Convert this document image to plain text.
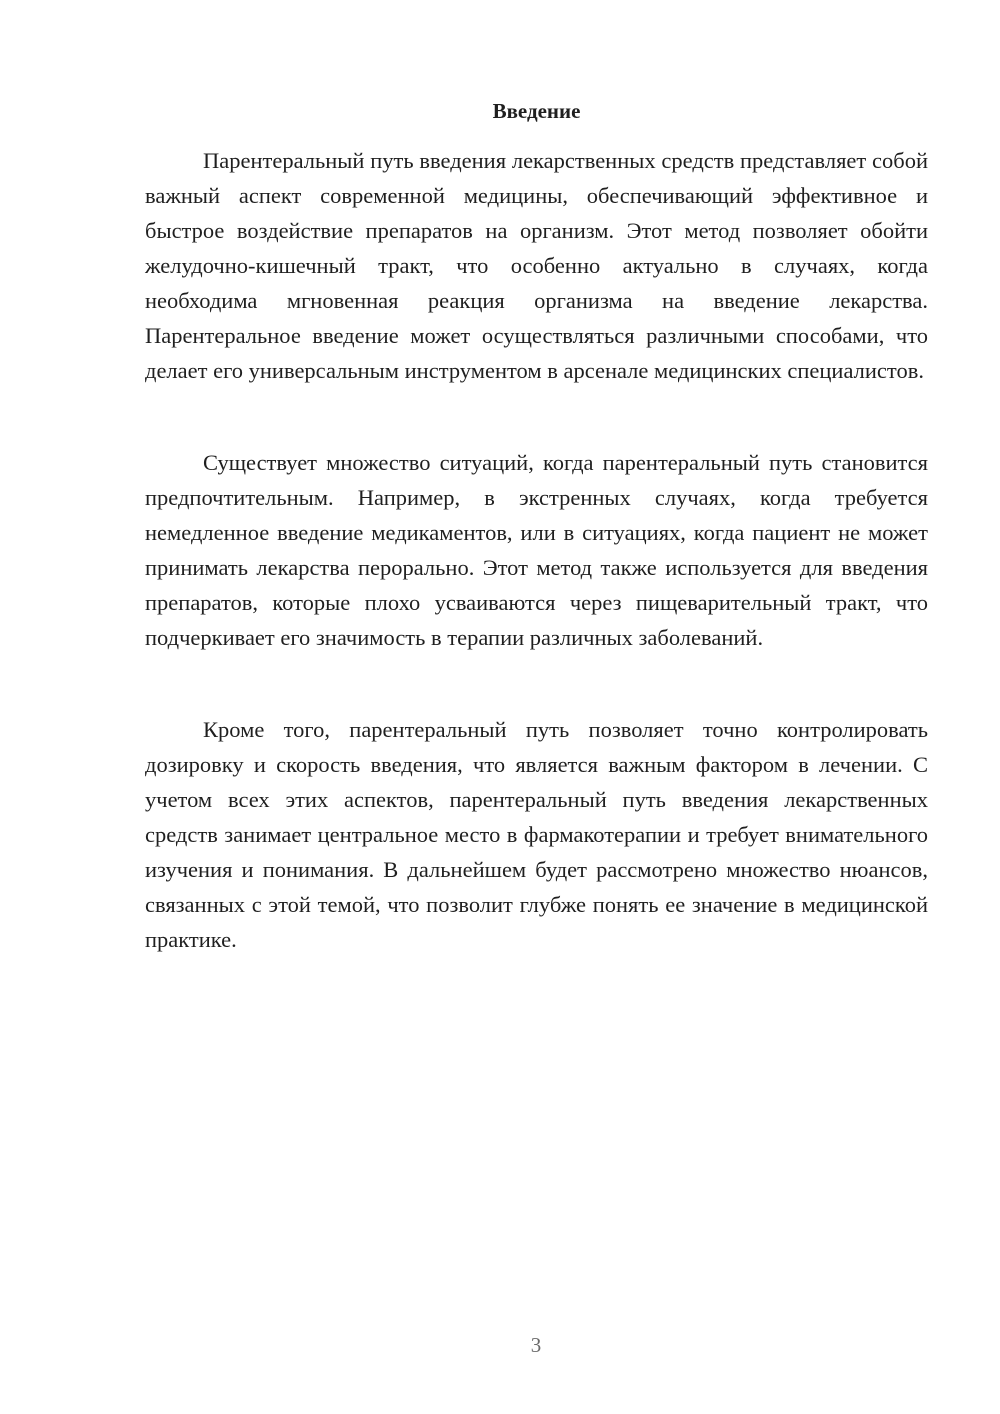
Введение

Парентеральный путь введения лекарственных средств представляет собой важный аспект современной медицины, обеспечивающий эффективное и быстрое воздействие препаратов на организм. Этот метод позволяет обойти желудочно-кишечный тракт, что особенно актуально в случаях, когда необходима мгновенная реакция организма на введение лекарства. Парентеральное введение может осуществляться различными способами, что делает его универсальным инструментом в арсенале медицинских специалистов.

Существует множество ситуаций, когда парентеральный путь становится предпочтительным. Например, в экстренных случаях, когда требуется немедленное введение медикаментов, или в ситуациях, когда пациент не может принимать лекарства перорально. Этот метод также используется для введения препаратов, которые плохо усваиваются через пищеварительный тракт, что подчеркивает его значимость в терапии различных заболеваний.

Кроме того, парентеральный путь позволяет точно контролировать дозировку и скорость введения, что является важным фактором в лечении. С учетом всех этих аспектов, парентеральный путь введения лекарственных средств занимает центральное место в фармакотерапии и требует внимательного изучения и понимания. В дальнейшем будет рассмотрено множество нюансов, связанных с этой темой, что позволит глубже понять ее значение в медицинской практике.

3
